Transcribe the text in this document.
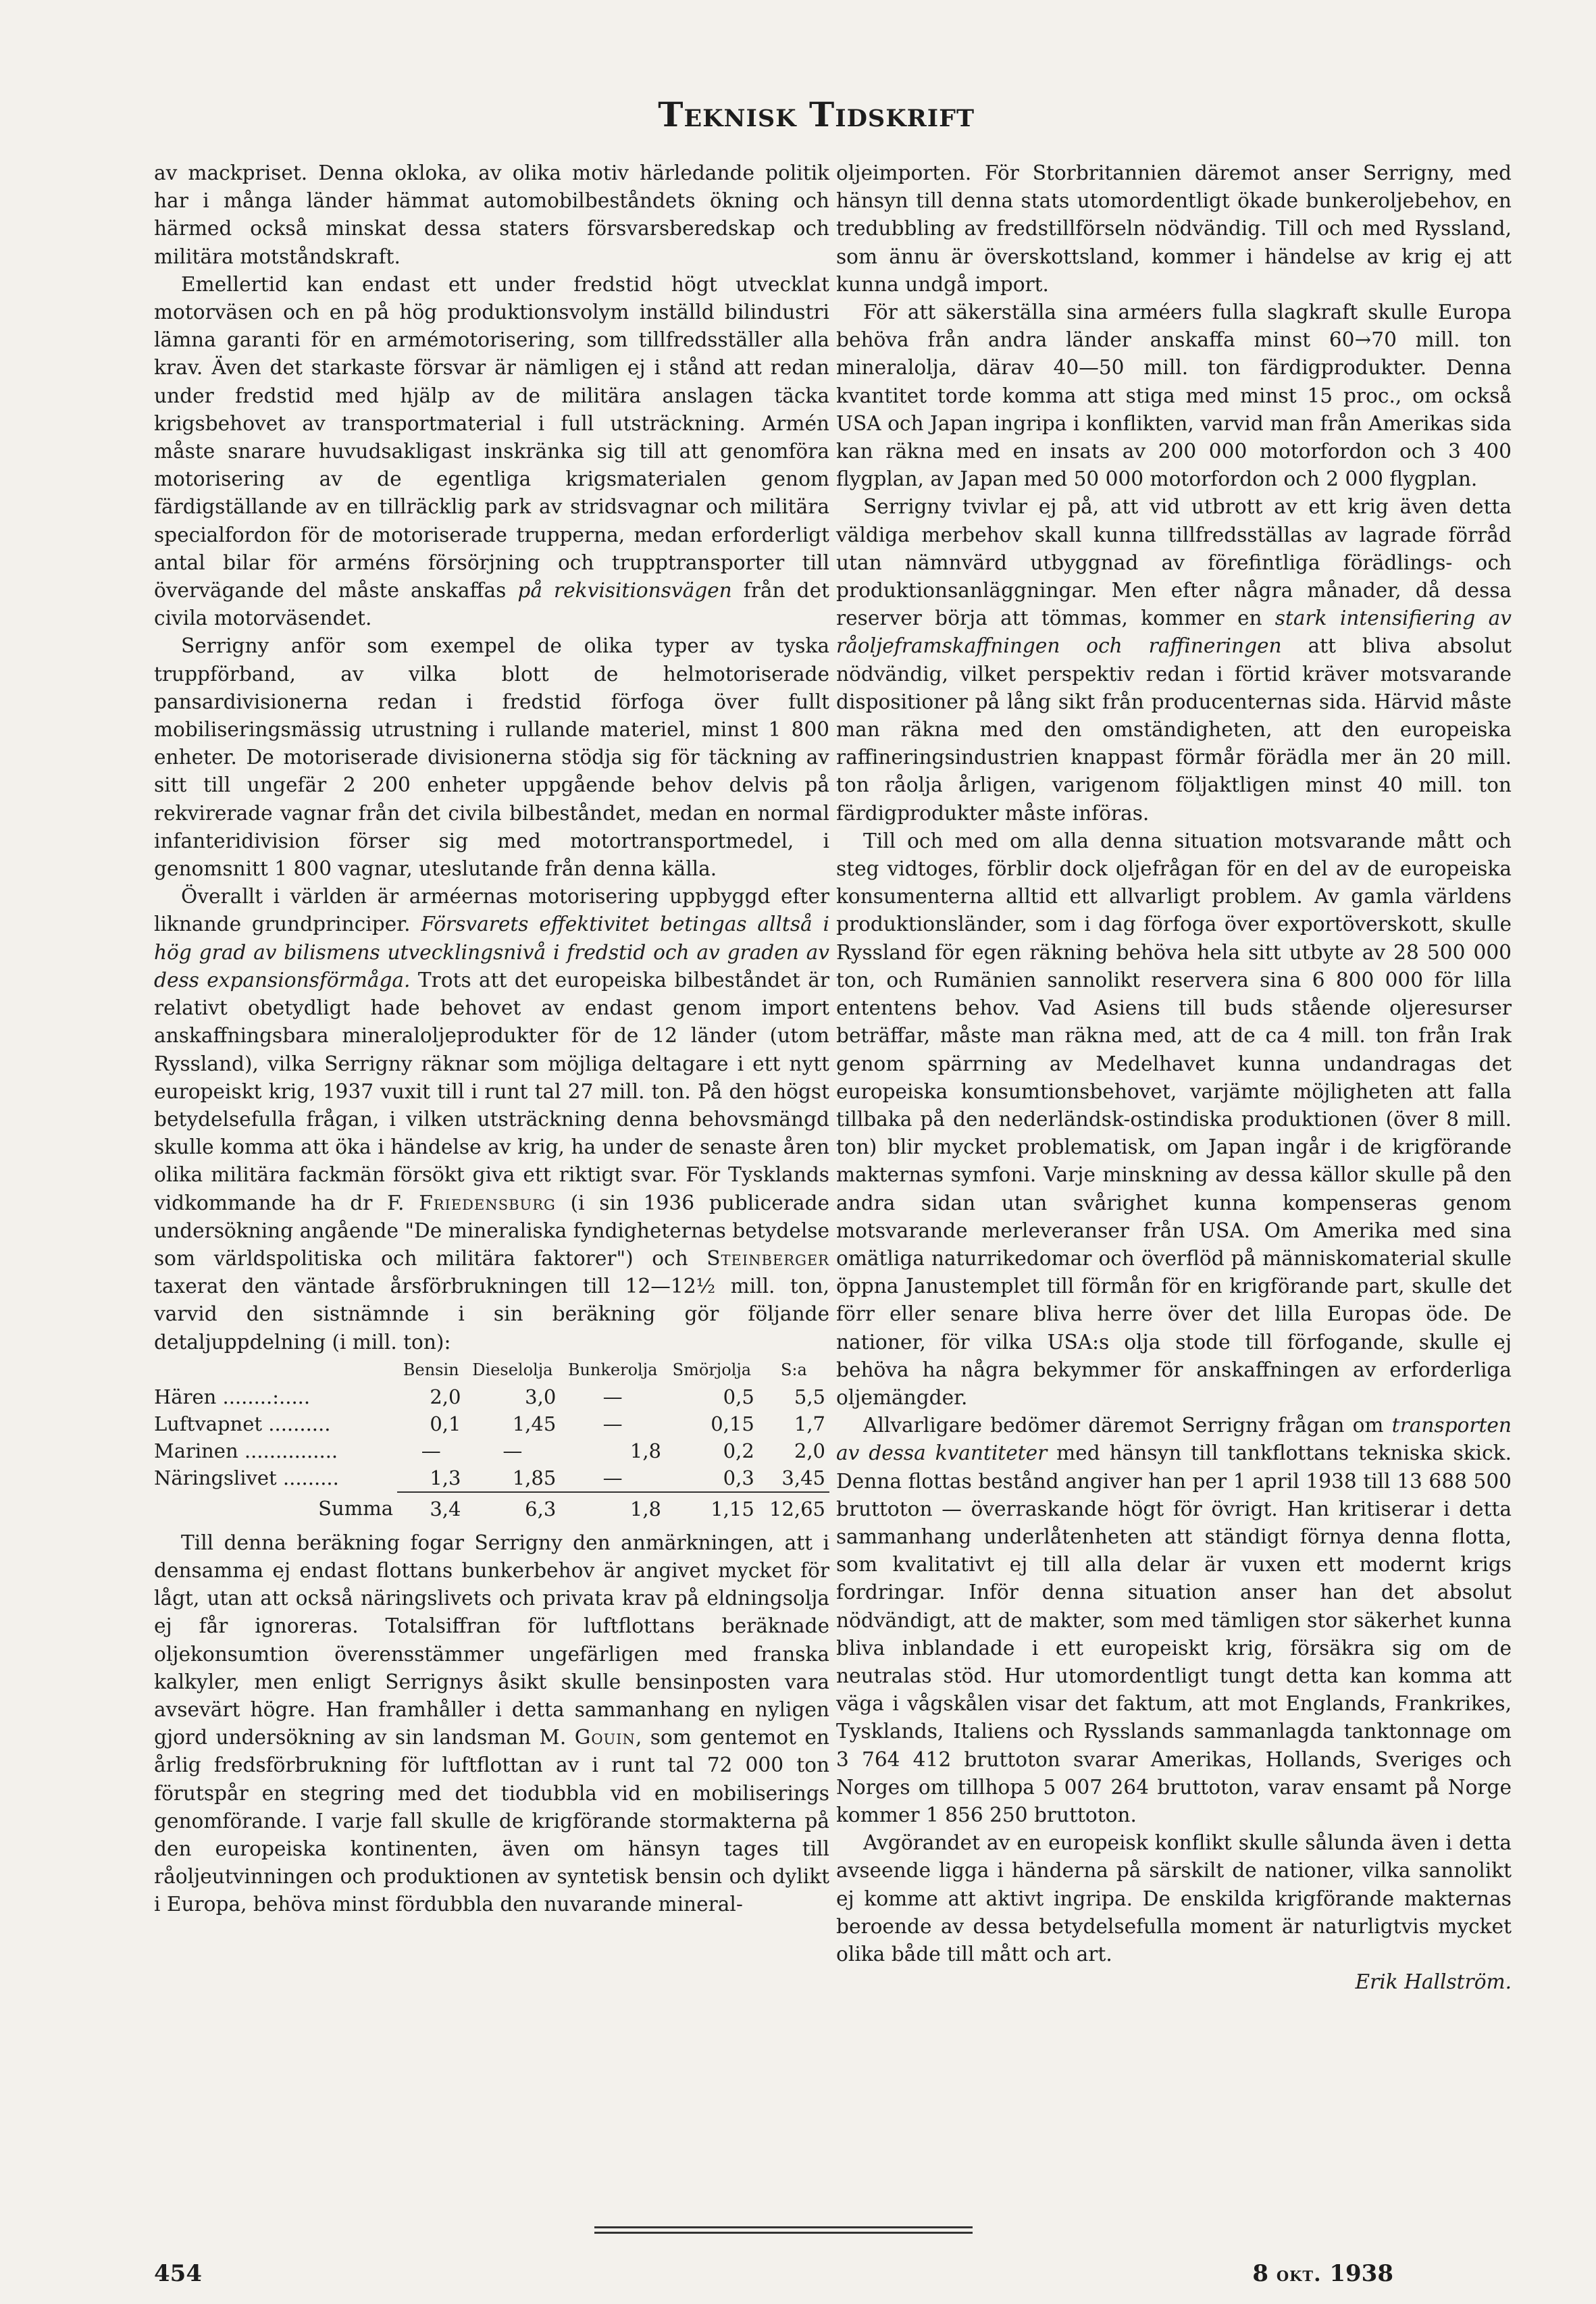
Teknisk Tidskrift

av mackpriset. Denna okloka, av olika motiv härledande politik har i många länder hämmat automobilbeståndets ökning och härmed också minskat dessa staters försvarsberedskap och militära motståndskraft.

Emellertid kan endast ett under fredstid högt utvecklat motorväsen och en på hög produktionsvolym inställd bilindustri lämna garanti för en armémotorisering, som tillfredsställer alla krav. Även det starkaste försvar är nämligen ej i stånd att redan under fredstid med hjälp av de militära anslagen täcka krigsbehovet av transportmaterial i full utsträckning. Armén måste snarare huvudsakligast inskränka sig till att genomföra motorisering av de egentliga krigsmaterialen genom färdigställande av en tillräcklig park av stridsvagnar och militära specialfordon för de motoriserade trupperna, medan erforderligt antal bilar för arméns försörjning och trupptransporter till övervägande del måste anskaffas på rekvisitionsvägen från det civila motorväsendet.

Serrigny anför som exempel de olika typer av tyska truppförband, av vilka blott de helmotoriserade pansardivisionerna redan i fredstid förfoga över fullt mobiliseringsmässig utrustning i rullande materiel, minst 1 800 enheter. De motoriserade divisionerna stödja sig för täckning av sitt till ungefär 2 200 enheter uppgående behov delvis på rekvirerade vagnar från det civila bilbeståndet, medan en normal infanteridivision förser sig med motortransportmedel, i genomsnitt 1 800 vagnar, uteslutande från denna källa.

Överallt i världen är arméernas motorisering uppbyggd efter liknande grundprinciper. Försvarets effektivitet betingas alltså i hög grad av bilismens utvecklingsnivå i fredstid och av graden av dess expansionsförmåga. Trots att det europeiska bilbeståndet är relativt obetydligt hade behovet av endast genom import anskaffningsbara mineraloljeprodukter för de 12 länder (utom Ryssland), vilka Serrigny räknar som möjliga deltagare i ett nytt europeiskt krig, 1937 vuxit till i runt tal 27 mill. ton. På den högst betydelsefulla frågan, i vilken utsträckning denna behovsmängd skulle komma att öka i händelse av krig, ha under de senaste åren olika militära fackmän försökt giva ett riktigt svar. För Tysklands vidkommande ha dr F. Friedensburg (i sin 1936 publicerade undersökning angående "De mineraliska fyndigheternas betydelse som världspolitiska och militära faktorer") och Steinberger taxerat den väntade årsförbrukningen till 12—12½ mill. ton, varvid den sistnämnde i sin beräkning gör följande detaljuppdelning (i mill. ton):

	Bensin	Dieselolja	Bunkerolja	Smörjolja	S:a
Hären ........:.....	2,0	3,0	—	0,5	5,5
Luftvapnet ..........	0,1	1,45	—	0,15	1,7
Marinen ...............	—	—	1,8	0,2	2,0
Näringslivet .........	1,3	1,85	—	0,3	3,45
Summa	3,4	6,3	1,8	1,15	12,65

Till denna beräkning fogar Serrigny den anmärkningen, att i densamma ej endast flottans bunkerbehov är angivet mycket för lågt, utan att också näringslivets och privata krav på eldningsolja ej får ignoreras. Totalsiffran för luftflottans beräknade oljekonsumtion överensstämmer ungefärligen med franska kalkyler, men enligt Serrignys åsikt skulle bensinposten vara avsevärt högre. Han framhåller i detta sammanhang en nyligen gjord undersökning av sin landsman M. Gouin, som gentemot en årlig fredsförbrukning för luftflottan av i runt tal 72 000 ton förutspår en stegring med det tiodubbla vid en mobiliserings genomförande. I varje fall skulle de krigförande stormakterna på den europeiska kontinenten, även om hänsyn tages till råoljeutvinningen och produktionen av syntetisk bensin och dylikt i Europa, behöva minst fördubbla den nuvarande mineral-

oljeimporten. För Storbritannien däremot anser Serrigny, med hänsyn till denna stats utomordentligt ökade bunkeroljebehov, en tredubbling av fredstillförseln nödvändig. Till och med Ryssland, som ännu är överskottsland, kommer i händelse av krig ej att kunna undgå import.

För att säkerställa sina arméers fulla slagkraft skulle Europa behöva från andra länder anskaffa minst 60→70 mill. ton mineralolja, därav 40—50 mill. ton färdigprodukter. Denna kvantitet torde komma att stiga med minst 15 proc., om också USA och Japan ingripa i konflikten, varvid man från Amerikas sida kan räkna med en insats av 200 000 motorfordon och 3 400 flygplan, av Japan med 50 000 motorfordon och 2 000 flygplan.

Serrigny tvivlar ej på, att vid utbrott av ett krig även detta väldiga merbehov skall kunna tillfredsställas av lagrade förråd utan nämnvärd utbyggnad av förefintliga förädlings- och produktionsanläggningar. Men efter några månader, då dessa reserver börja att tömmas, kommer en stark intensifiering av råoljeframskaffningen och raffineringen att bliva absolut nödvändig, vilket perspektiv redan i förtid kräver motsvarande dispositioner på lång sikt från producenternas sida. Härvid måste man räkna med den omständigheten, att den europeiska raffineringsindustrien knappast förmår förädla mer än 20 mill. ton råolja årligen, varigenom följaktligen minst 40 mill. ton färdigprodukter måste införas.

Till och med om alla denna situation motsvarande mått och steg vidtoges, förblir dock oljefrågan för en del av de europeiska konsumenterna alltid ett allvarligt problem. Av gamla världens produktionsländer, som i dag förfoga över exportöverskott, skulle Ryssland för egen räkning behöva hela sitt utbyte av 28 500 000 ton, och Rumänien sannolikt reservera sina 6 800 000 för lilla ententens behov. Vad Asiens till buds stående oljeresurser beträffar, måste man räkna med, att de ca 4 mill. ton från Irak genom spärrning av Medelhavet kunna undandragas det europeiska konsumtionsbehovet, varjämte möjligheten att falla tillbaka på den nederländsk-ostindiska produktionen (över 8 mill. ton) blir mycket problematisk, om Japan ingår i de krigförande makternas symfoni. Varje minskning av dessa källor skulle på den andra sidan utan svårighet kunna kompenseras genom motsvarande merleveranser från USA. Om Amerika med sina omätliga naturrikedomar och överflöd på människomaterial skulle öppna Janustemplet till förmån för en krigförande part, skulle det förr eller senare bliva herre över det lilla Europas öde. De nationer, för vilka USA:s olja stode till förfogande, skulle ej behöva ha några bekymmer för anskaffningen av erforderliga oljemängder.

Allvarligare bedömer däremot Serrigny frågan om transporten av dessa kvantiteter med hänsyn till tankflottans tekniska skick. Denna flottas bestånd angiver han per 1 april 1938 till 13 688 500 bruttoton — överraskande högt för övrigt. Han kritiserar i detta sammanhang underlåtenheten att ständigt förnya denna flotta, som kvalitativt ej till alla delar är vuxen ett modernt krigs fordringar. Inför denna situation anser han det absolut nödvändigt, att de makter, som med tämligen stor säkerhet kunna bliva inblandade i ett europeiskt krig, försäkra sig om de neutralas stöd. Hur utomordentligt tungt detta kan komma att väga i vågskålen visar det faktum, att mot Englands, Frankrikes, Tysklands, Italiens och Rysslands sammanlagda tanktonnage om 3 764 412 bruttoton svarar Amerikas, Hollands, Sveriges och Norges om tillhopa 5 007 264 bruttoton, varav ensamt på Norge kommer 1 856 250 bruttoton.

Avgörandet av en europeisk konflikt skulle sålunda även i detta avseende ligga i händerna på särskilt de nationer, vilka sannolikt ej komme att aktivt ingripa. De enskilda krigförande makternas beroende av dessa betydelsefulla moment är naturligtvis mycket olika både till mått och art.

Erik Hallström.
454	8 okt. 1938
